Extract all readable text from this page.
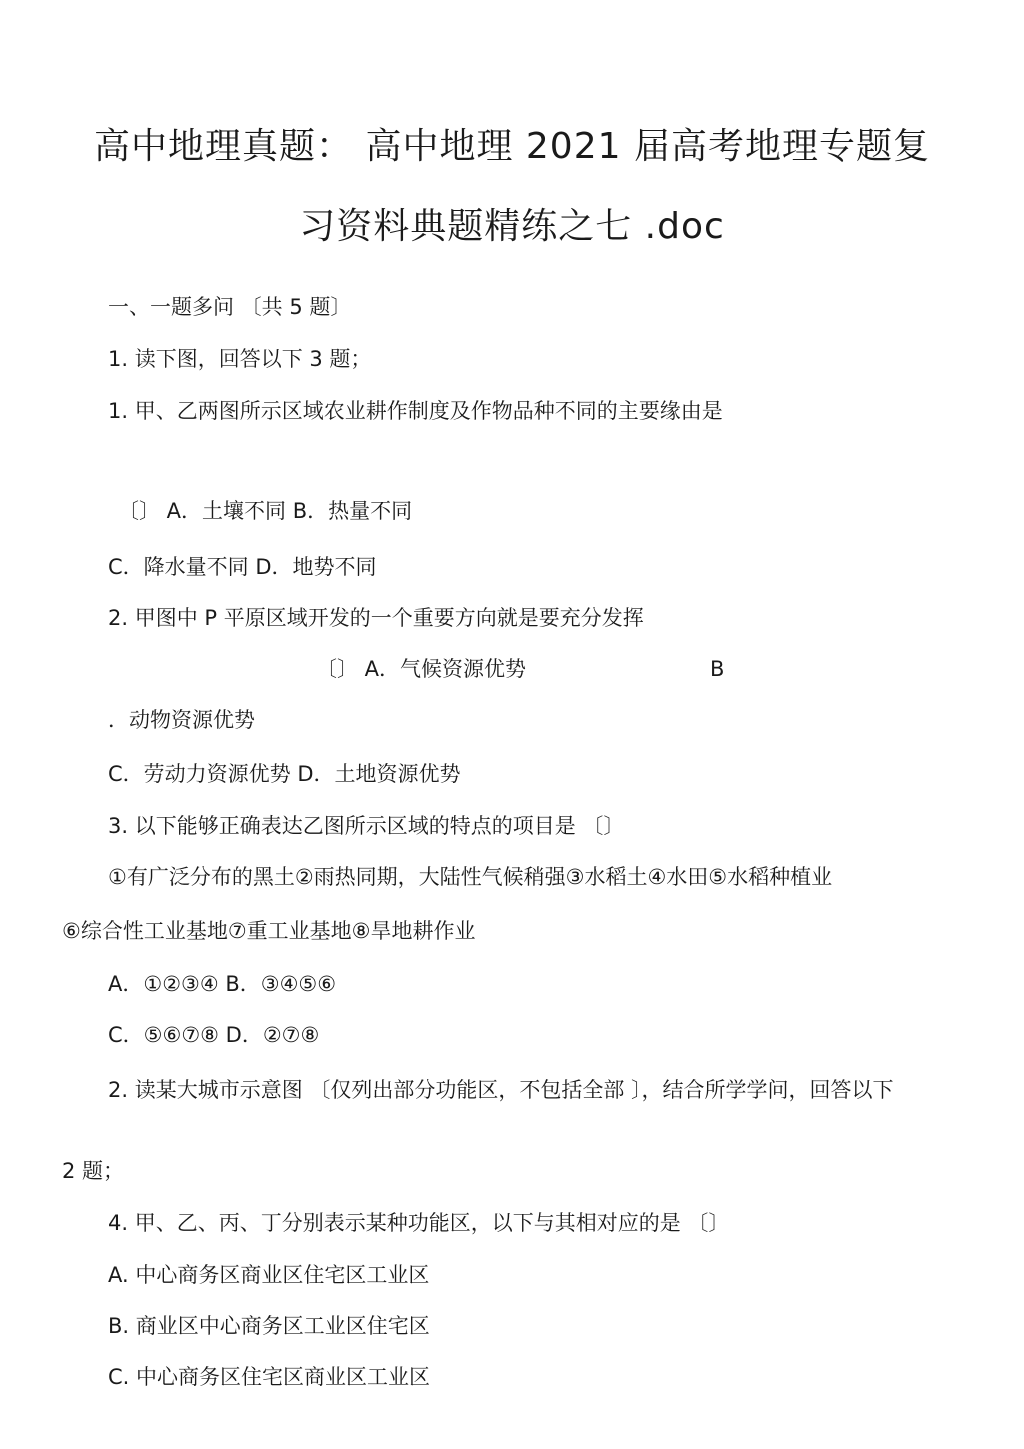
高中地理真题： 高中地理 2021 届高考地理专题复
习资料典题精练之七 .doc
一、一题多问 〔共 5 题〕
1. 读下图，回答以下 3 题；
1. 甲、乙两图所示区域农业耕作制度及作物品种不同的主要缘由是
〔〕 A．土壤不同 B．热量不同
C．降水量不同 D．地势不同
2. 甲图中 P 平原区域开发的一个重要方向就是要充分发挥
〔〕 A．气候资源优势	B
．动物资源优势
C．劳动力资源优势 D．土地资源优势
3. 以下能够正确表达乙图所示区域的特点的项目是 〔〕
①有广泛分布的黑土②雨热同期，大陆性气候稍强③水稻土④水田⑤水稻种植业
⑥综合性工业基地⑦重工业基地⑧旱地耕作业
A．①②③④ B．③④⑤⑥
C．⑤⑥⑦⑧ D．②⑦⑧
2. 读某大城市示意图 〔仅列出部分功能区，不包括全部 〕，结合所学学问，回答以下
2 题；
4. 甲、乙、丙、丁分别表示某种功能区，以下与其相对应的是 〔〕
A. 中心商务区商业区住宅区工业区
B. 商业区中心商务区工业区住宅区
C. 中心商务区住宅区商业区工业区
